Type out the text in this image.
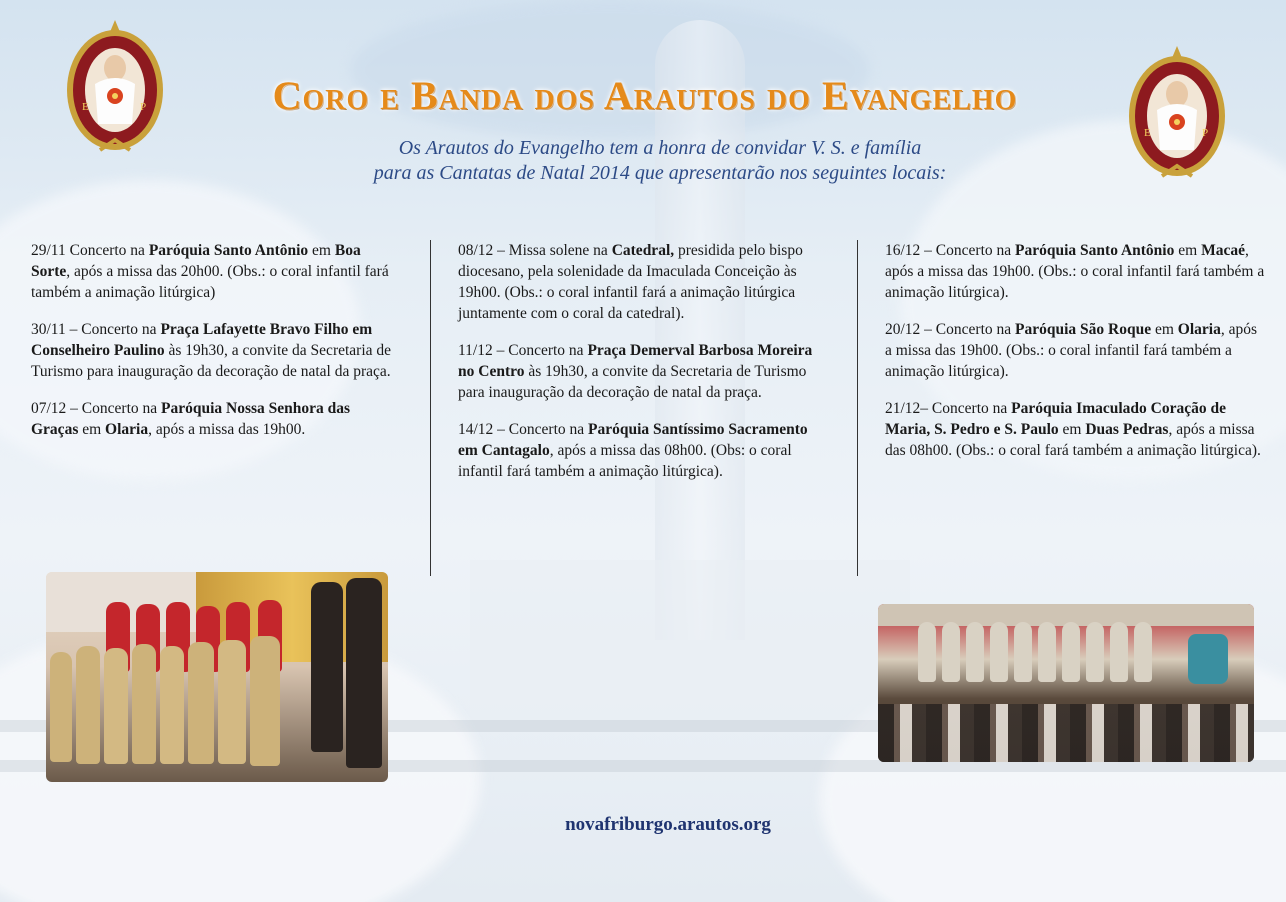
E	P
E	P
Coro e Banda dos Arautos do Evangelho
Os Arautos do Evangelho tem a honra de convidar V. S. e família
para as Cantatas de Natal 2014 que apresentarão nos seguintes locais:

29/11 Concerto na Paróquia Santo Antônio em Boa Sorte, após a missa das 20h00. (Obs.: o coral infantil fará também a animação litúrgica)

30/11 – Concerto na Praça Lafayette Bravo Filho em Conselheiro Paulino às 19h30, a convite da Secretaria de Turismo para inauguração da decoração de natal da praça.

07/12 – Concerto na Paróquia Nossa Senhora das Graças em Olaria, após a missa das 19h00.

08/12 – Missa solene na Catedral, presidida pelo bispo diocesano, pela solenidade da Imaculada Conceição às 19h00. (Obs.: o coral infantil fará a animação litúrgica juntamente com o coral da catedral).

11/12 – Concerto na Praça Demerval Barbosa Moreira no Centro às 19h30, a convite da Secretaria de Turismo para inauguração da decoração de natal da praça.

14/12 – Concerto na Paróquia Santíssimo Sacramento em Cantagalo, após a missa das 08h00. (Obs: o coral infantil fará também a animação litúrgica).

16/12 – Concerto na Paróquia Santo Antônio em Macaé, após a missa das 19h00. (Obs.: o coral infantil fará também a animação litúrgica).

20/12 – Concerto na Paróquia São Roque em Olaria, após a missa das 19h00. (Obs.: o coral infantil fará também a animação litúrgica).

21/12– Concerto na Paróquia Imaculado Coração de Maria, S. Pedro e S. Paulo em Duas Pedras, após a missa das 08h00. (Obs.: o coral fará também a animação litúrgica).

novafriburgo.arautos.org
